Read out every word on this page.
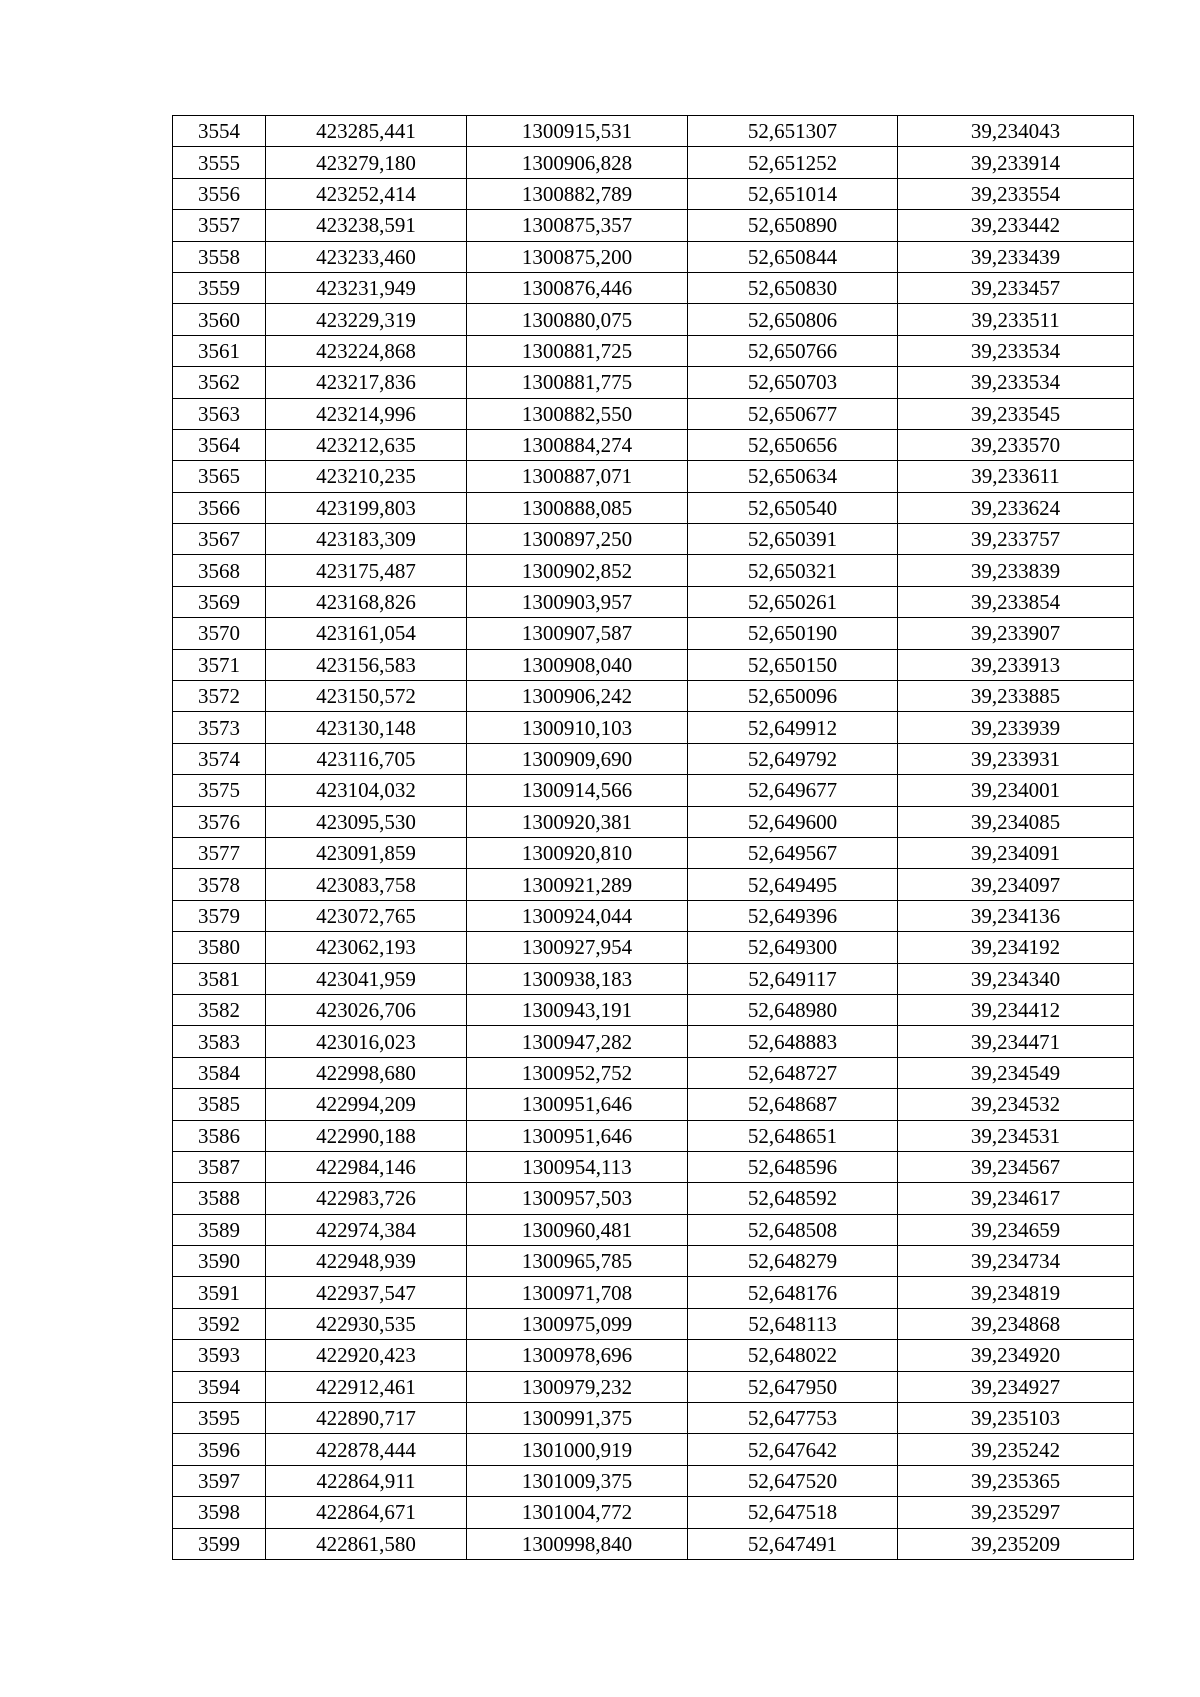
3554	423285,441	1300915,531	52,651307	39,234043
3555	423279,180	1300906,828	52,651252	39,233914
3556	423252,414	1300882,789	52,651014	39,233554
3557	423238,591	1300875,357	52,650890	39,233442
3558	423233,460	1300875,200	52,650844	39,233439
3559	423231,949	1300876,446	52,650830	39,233457
3560	423229,319	1300880,075	52,650806	39,233511
3561	423224,868	1300881,725	52,650766	39,233534
3562	423217,836	1300881,775	52,650703	39,233534
3563	423214,996	1300882,550	52,650677	39,233545
3564	423212,635	1300884,274	52,650656	39,233570
3565	423210,235	1300887,071	52,650634	39,233611
3566	423199,803	1300888,085	52,650540	39,233624
3567	423183,309	1300897,250	52,650391	39,233757
3568	423175,487	1300902,852	52,650321	39,233839
3569	423168,826	1300903,957	52,650261	39,233854
3570	423161,054	1300907,587	52,650190	39,233907
3571	423156,583	1300908,040	52,650150	39,233913
3572	423150,572	1300906,242	52,650096	39,233885
3573	423130,148	1300910,103	52,649912	39,233939
3574	423116,705	1300909,690	52,649792	39,233931
3575	423104,032	1300914,566	52,649677	39,234001
3576	423095,530	1300920,381	52,649600	39,234085
3577	423091,859	1300920,810	52,649567	39,234091
3578	423083,758	1300921,289	52,649495	39,234097
3579	423072,765	1300924,044	52,649396	39,234136
3580	423062,193	1300927,954	52,649300	39,234192
3581	423041,959	1300938,183	52,649117	39,234340
3582	423026,706	1300943,191	52,648980	39,234412
3583	423016,023	1300947,282	52,648883	39,234471
3584	422998,680	1300952,752	52,648727	39,234549
3585	422994,209	1300951,646	52,648687	39,234532
3586	422990,188	1300951,646	52,648651	39,234531
3587	422984,146	1300954,113	52,648596	39,234567
3588	422983,726	1300957,503	52,648592	39,234617
3589	422974,384	1300960,481	52,648508	39,234659
3590	422948,939	1300965,785	52,648279	39,234734
3591	422937,547	1300971,708	52,648176	39,234819
3592	422930,535	1300975,099	52,648113	39,234868
3593	422920,423	1300978,696	52,648022	39,234920
3594	422912,461	1300979,232	52,647950	39,234927
3595	422890,717	1300991,375	52,647753	39,235103
3596	422878,444	1301000,919	52,647642	39,235242
3597	422864,911	1301009,375	52,647520	39,235365
3598	422864,671	1301004,772	52,647518	39,235297
3599	422861,580	1300998,840	52,647491	39,235209
